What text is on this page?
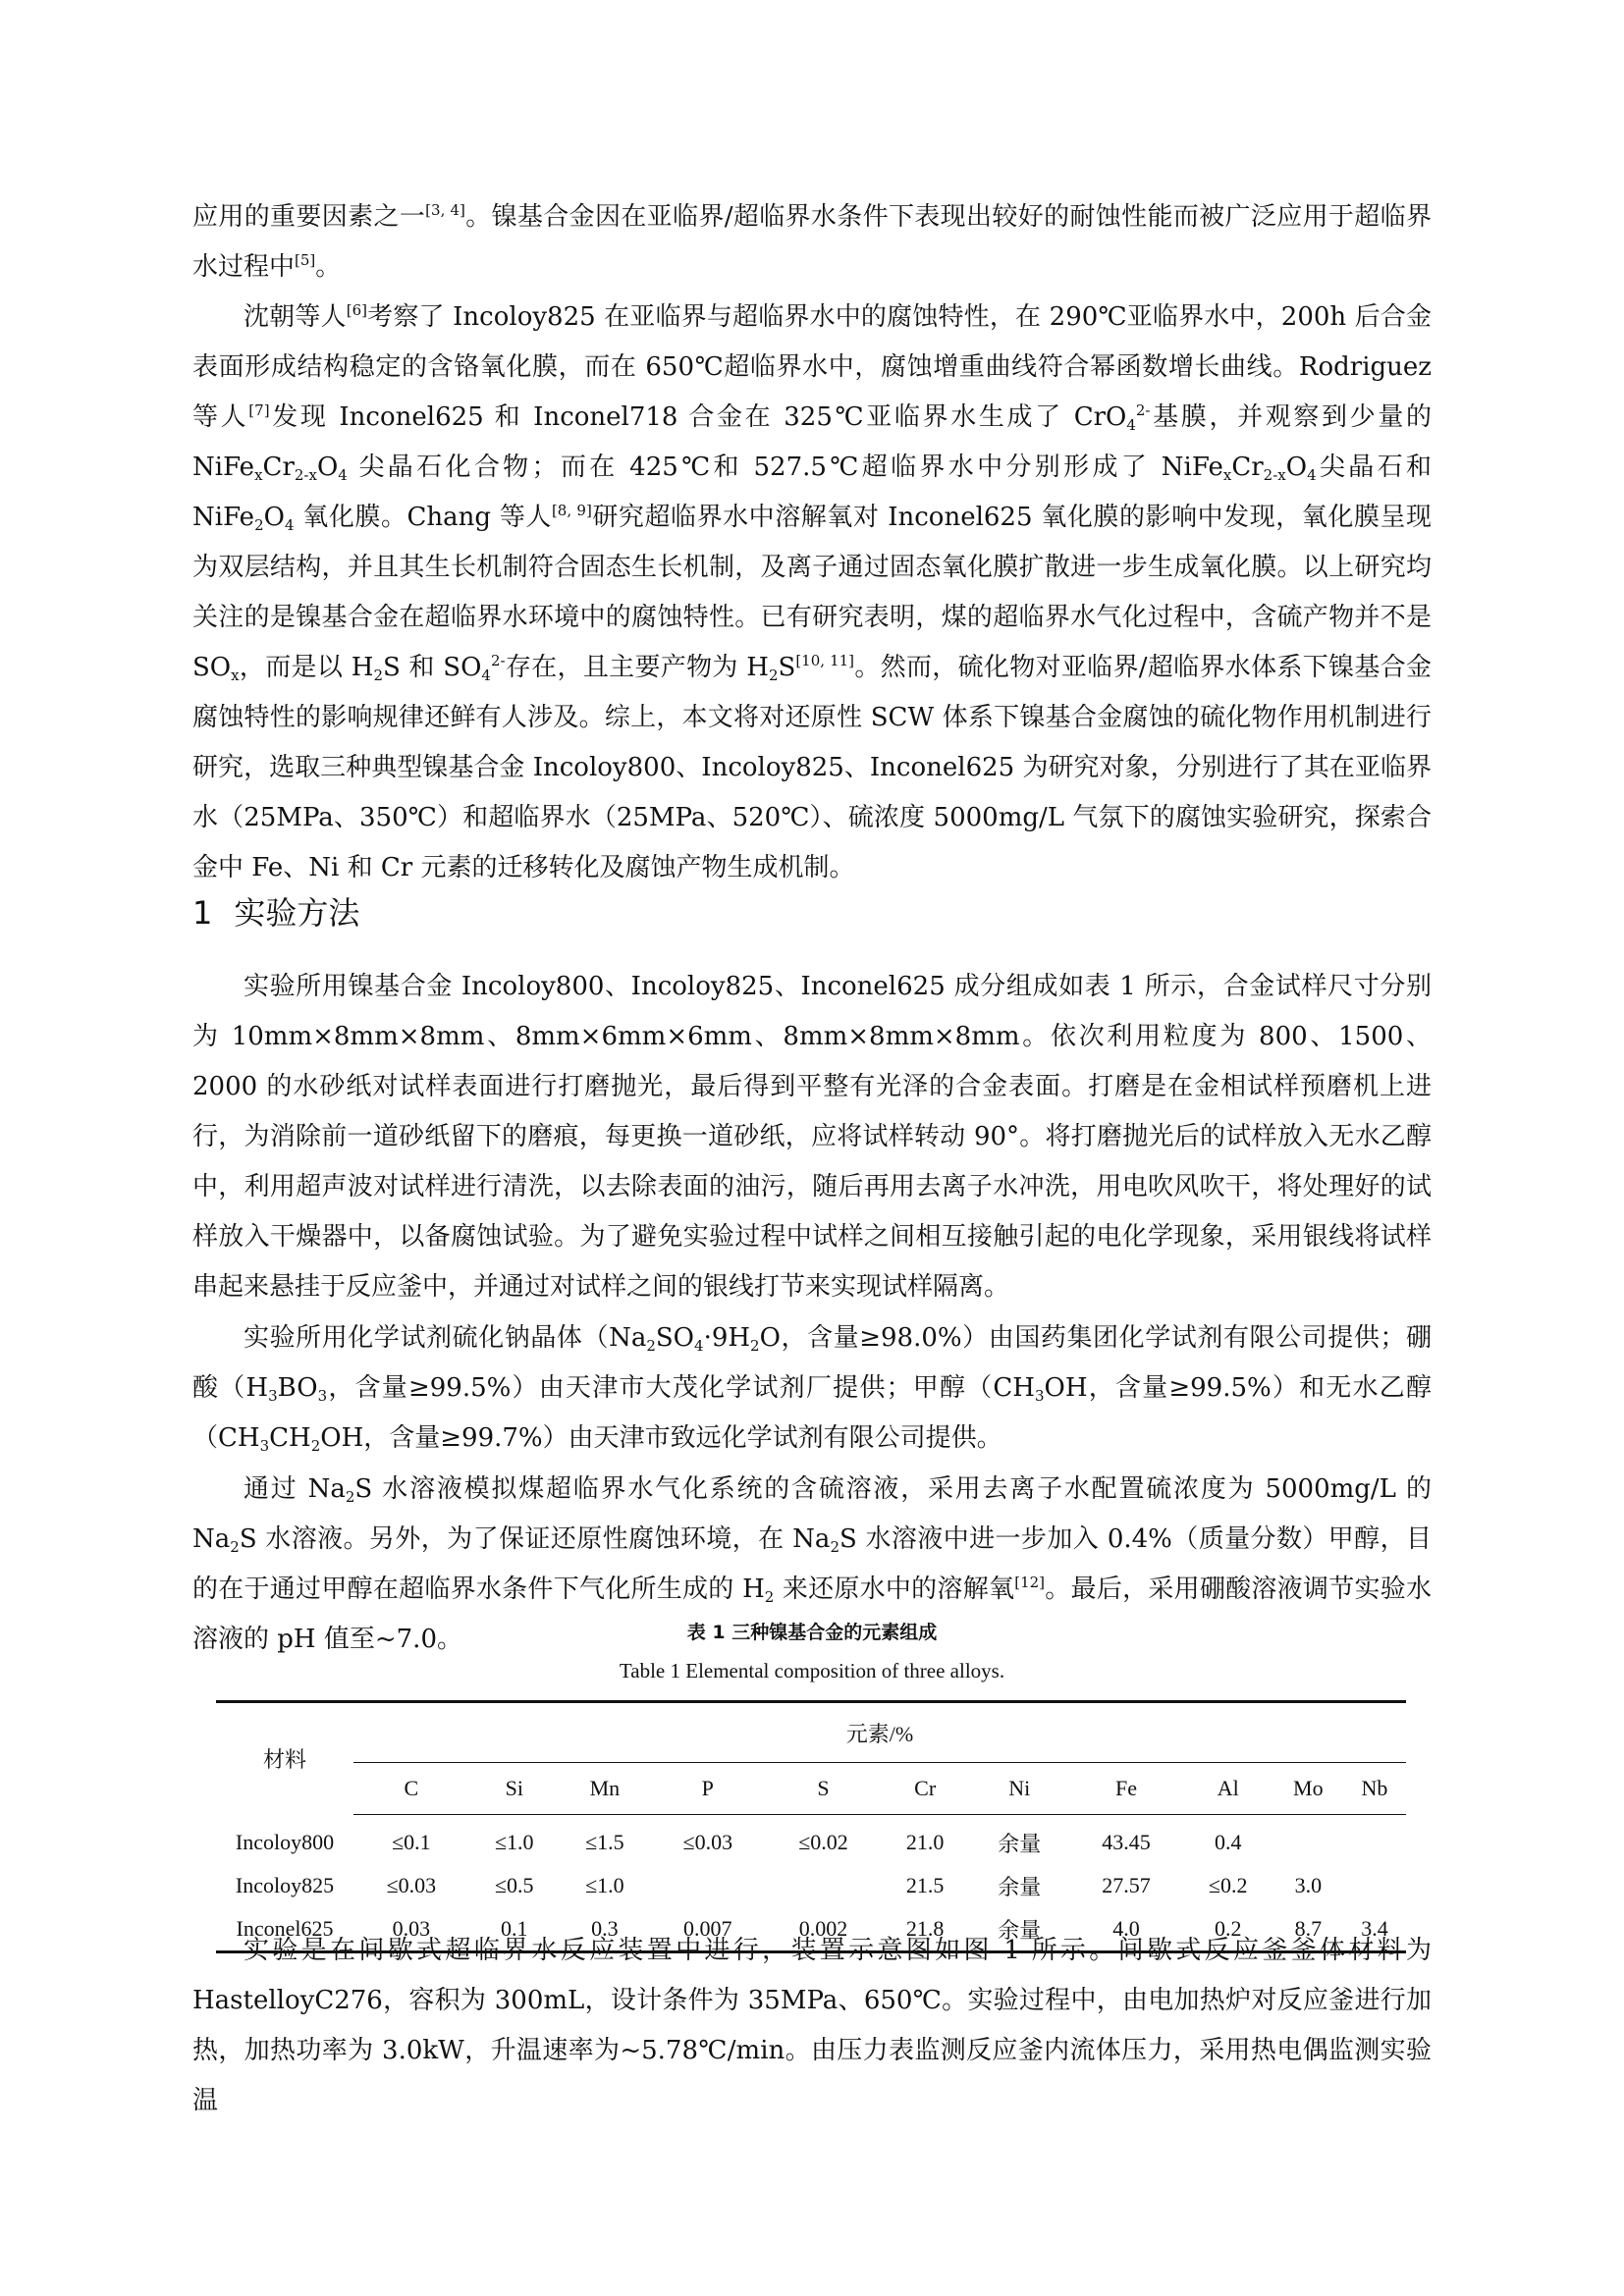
应用的重要因素之一[3, 4]。镍基合金因在亚临界/超临界水条件下表现出较好的耐蚀性能而被广泛应用于超临界水过程中[5]。

沈朝等人[6]考察了 Incoloy825 在亚临界与超临界水中的腐蚀特性，在 290℃亚临界水中，200h 后合金表面形成结构稳定的含铬氧化膜，而在 650℃超临界水中，腐蚀增重曲线符合幂函数增长曲线。Rodriguez 等人[7]发现 Inconel625 和 Inconel718 合金在 325℃亚临界水生成了 CrO$_4^{2-}$基膜，并观察到少量的 $NiFe_xCr_{2-x}O_4$ 尖晶石化合物；而在 425℃和 527.5℃超临界水中分别形成了 $NiFe_xCr_{2-x}O_4$尖晶石和 $NiFe_2O_4$ 氧化膜。Chang 等人[8, 9]研究超临界水中溶解氧对 Inconel625 氧化膜的影响中发现，氧化膜呈现为双层结构，并且其生长机制符合固态生长机制，及离子通过固态氧化膜扩散进一步生成氧化膜。以上研究均关注的是镍基合金在超临界水环境中的腐蚀特性。已有研究表明，煤的超临界水气化过程中，含硫产物并不是 $SO_x$，而是以 $H_2S$ 和 $SO_4^{2-}$存在，且主要产物为 $H_2S[10, 11]$。然而，硫化物对亚临界/超临界水体系下镍基合金腐蚀特性的影响规律还鲜有人涉及。综上，本文将对还原性 SCW 体系下镍基合金腐蚀的硫化物作用机制进行研究，选取三种典型镍基合金 Incoloy800、Incoloy825、Inconel625 为研究对象，分别进行了其在亚临界水（25MPa、350℃）和超临界水（25MPa、520℃）、硫浓度 5000mg/L 气氛下的腐蚀实验研究，探索合金中 Fe、Ni 和 Cr 元素的迁移转化及腐蚀产物生成机制。

1 实验方法

实验所用镍基合金 Incoloy800、Incoloy825、Inconel625 成分组成如表 1 所示，合金试样尺寸分别为 10mm×8mm×8mm、8mm×6mm×6mm、8mm×8mm×8mm。依次利用粒度为 800、1500、2000 的水砂纸对试样表面进行打磨抛光，最后得到平整有光泽的合金表面。打磨是在金相试样预磨机上进行，为消除前一道砂纸留下的磨痕，每更换一道砂纸，应将试样转动 90°。将打磨抛光后的试样放入无水乙醇中，利用超声波对试样进行清洗，以去除表面的油污，随后再用去离子水冲洗，用电吹风吹干，将处理好的试样放入干燥器中，以备腐蚀试验。为了避免实验过程中试样之间相互接触引起的电化学现象，采用银线将试样串起来悬挂于反应釜中，并通过对试样之间的银线打节来实现试样隔离。

实验所用化学试剂硫化钠晶体（$Na_2SO_4\cdot 9H_2O$，含量≥98.0%）由国药集团化学试剂有限公司提供；硼酸（$H_3BO_3$，含量≥99.5%）由天津市大茂化学试剂厂提供；甲醇（$CH_3OH$，含量≥99.5%）和无水乙醇（$CH_3CH_2OH$，含量≥99.7%）由天津市致远化学试剂有限公司提供。

通过 $Na_2S$ 水溶液模拟煤超临界水气化系统的含硫溶液，采用去离子水配置硫浓度为 5000mg/L 的 $Na_2S$ 水溶液。另外，为了保证还原性腐蚀环境，在 $Na_2S$ 水溶液中进一步加入 0.4%（质量分数）甲醇，目的在于通过甲醇在超临界水条件下气化所生成的 $H_2$ 来还原水中的溶解氧[12]。最后，采用硼酸溶液调节实验水溶液的 pH 值至~7.0。	表 1 三种镍基合金的元素组成
Table 1 Elemental composition of three alloys.
材料	元素/%										
	C	Si	Mn	P	S	Cr	Ni	Fe	Al	Mo	Nb
Incoloy800	≤0.1	≤1.0	≤1.5	≤0.03	≤0.02	21.0	余量	43.45	0.4		
Incoloy825	≤0.03	≤0.5	≤1.0			21.5	余量	27.57	≤0.2	3.0	
Inconel625	0.03	0.1	0.3	0.007	0.002	21.8	余量	4.0	0.2	8.7	3.4

实验是在间歇式超临界水反应装置中进行，装置示意图如图 1 所示。间歇式反应釜釜体材料为 HastelloyC276，容积为 300mL，设计条件为 35MPa、650℃。实验过程中，由电加热炉对反应釜进行加热，加热功率为 3.0kW，升温速率为~5.78℃/min。由压力表监测反应釜内流体压力，采用热电偶监测实验温
